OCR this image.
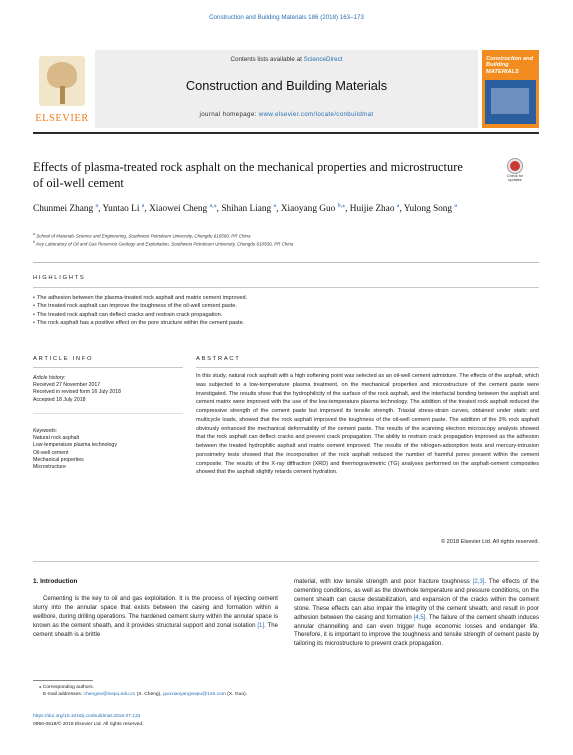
Construction and Building Materials 186 (2018) 163–173
ELSEVIER
Contents lists available at ScienceDirect
Construction and Building Materials
journal homepage: www.elsevier.com/locate/conbuildmat
Construction and Building MATERIALS
Effects of plasma-treated rock asphalt on the mechanical properties and microstructure of oil-well cement	Check for updates
Chunmei Zhang $^a$, Yuntao Li $^a$, Xiaowei Cheng $^{a,⁎}$, Shihan Liang $^a$, Xiaoyang Guo $^{b,⁎}$, Huijie Zhao $^a$, Yulong Song $^a$
$^a$ School of Materials Science and Engineering, Southwest Petroleum University, Chengdu 610500, PR China
$^b$ Key Laboratory of Oil and Gas Reservoir Geology and Exploitation, Southwest Petroleum University, Chengdu 610500, PR China
HIGHLIGHTS
• The adhesion between the plasma-treated rock asphalt and matrix cement improved.
• The treated rock asphalt can improve the toughness of the oil-well cement paste.
• The treated rock asphalt can deflect cracks and restrain crack propagation.
• The rock asphalt has a positive effect on the pore structure within the cement paste.
ARTICLE INFO	ABSTRACT
Article history:
Received 27 November 2017
Received in revised form 16 July 2018
Accepted 18 July 2018
Keywords:
Natural rock asphalt
Low-temperature plasma technology
Oil-well cement
Mechanical properties
Microstructure

In this study, natural rock asphalt with a high softening point was selected as an oil-well cement admixture. The effects of the asphalt, which was subjected to a low-temperature plasma treatment, on the mechanical properties and microstructure of the cement paste were investigated. The results show that the hydrophilicity of the surface of the rock asphalt, and the interfacial bonding between the asphalt and cement matrix were improved with the use of the low-temperature plasma technology. The addition of the treated rock asphalt reduced the compressive strength of the cement paste but improved its tensile strength. Triaxial stress-strain curves, obtained under static and multicycle loads, showed that the rock asphalt improved the toughness of the oil-well cement paste. The addition of the 3% rock asphalt obviously enhanced the mechanical deformability of the cement paste. The results of the scanning electron microscopy analysis showed that the rock asphalt can deflect cracks and prevent crack propagation. The ability to restrain crack propagation improved as the adhesion between the treated hydrophilic asphalt and matrix cement improved. The results of the nitrogen-adsorption tests and mercury-intrusion porosimetry tests showed that the incorporation of the rock asphalt reduced the number of harmful pores present within the cement composite. The results of the X-ray diffraction (XRD) and thermogravimetric (TG) analyses performed on the asphalt-cement composites showed that the asphalt slightly retards cement hydration.

© 2018 Elsevier Ltd. All rights reserved.
1. Introduction

Cementing is the key to oil and gas exploitation. It is the process of injecting cement slurry into the annular space that exists between the casing and formation within a wellbore, during drilling operations. The hardened cement slurry within the annular space is known as the cement sheath, and it provides structural support and zonal isolation [1]. The cement sheath is a brittle

material, with low tensile strength and poor fracture toughness [2,3]. The effects of the cementing conditions, as well as the downhole temperature and pressure conditions, on the cement sheath can cause destabilization, and expansion of the cracks within the cement stone. These effects can also impair the integrity of the cement sheath, and result in poor adhesion between the casing and formation [4,5]. The failure of the cement sheath induces annular channelling and can even trigger huge economic losses and endanger life. Therefore, it is important to improve the toughness and tensile strength of cement paste by tailoring its microstructure to prevent crack propagation.

⁎ Corresponding authors.
E-mail addresses: chengxw@swpu.edu.cn (X. Cheng), guoxiaoyangswpu@126.com (X. Guo).
https://doi.org/10.1016/j.conbuildmat.2018.07.133
0950-0618/© 2018 Elsevier Ltd. All rights reserved.
